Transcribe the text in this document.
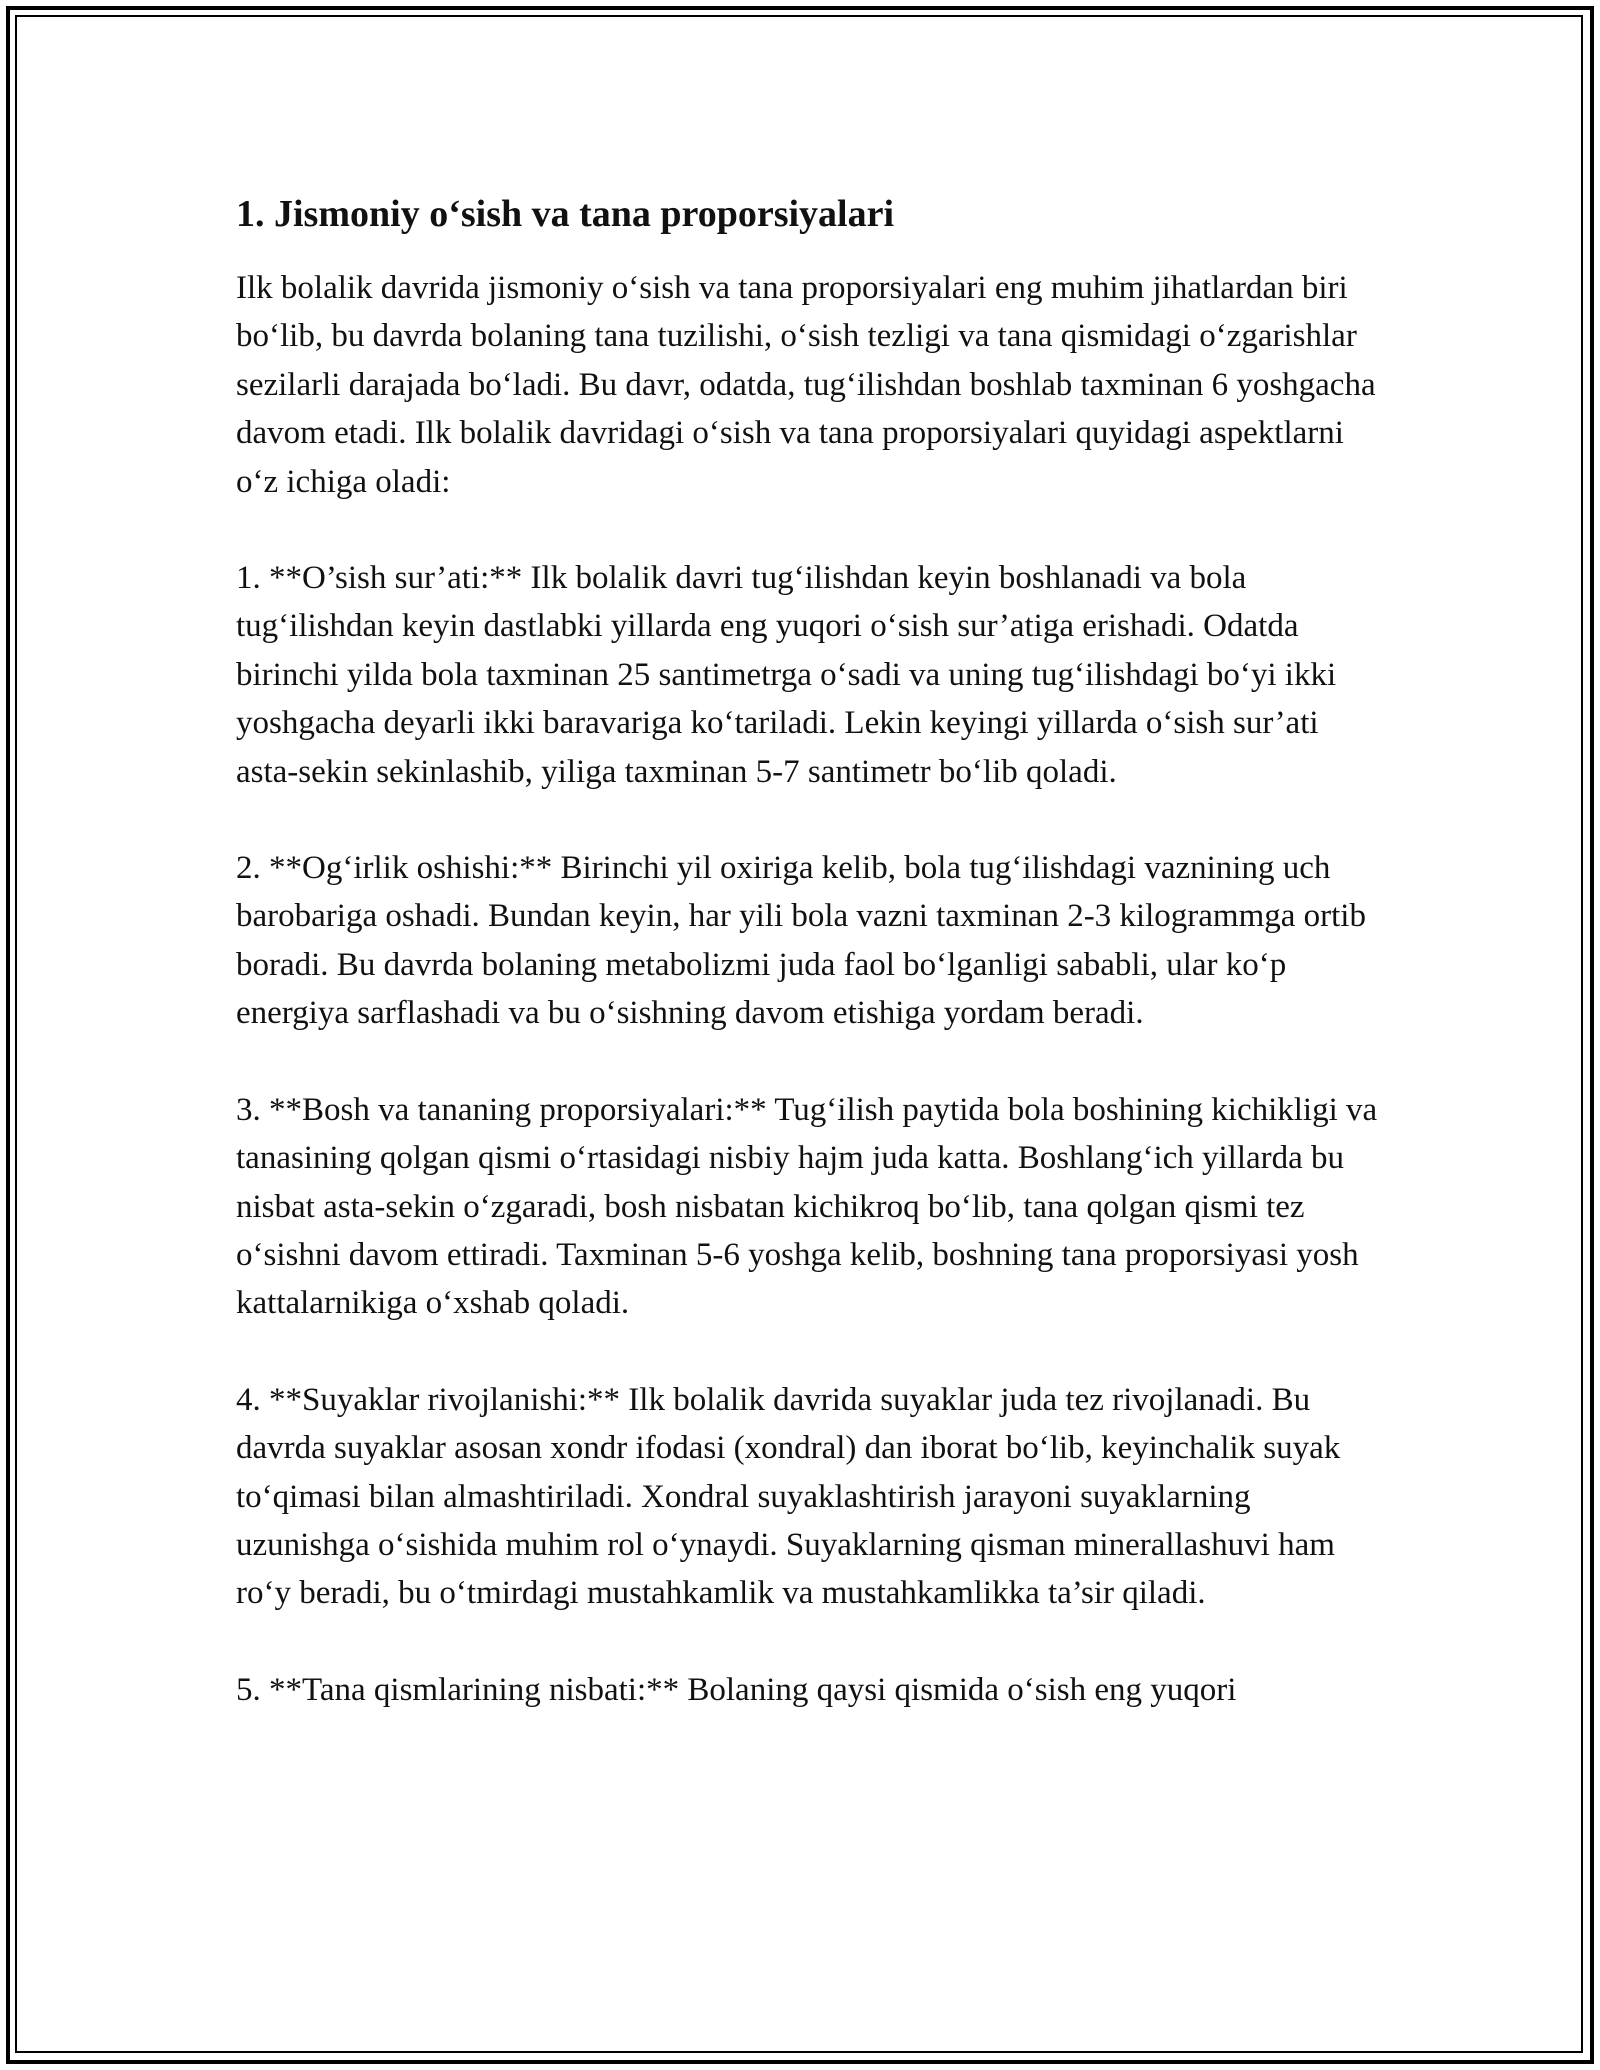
1. Jismoniy o‘sish va tana proporsiyalari

Ilk bolalik davrida jismoniy o‘sish va tana proporsiyalari eng muhim jihatlardan biri bo‘lib, bu davrda bolaning tana tuzilishi, o‘sish tezligi va tana qismidagi o‘zgarishlar sezilarli darajada bo‘ladi. Bu davr, odatda, tug‘ilishdan boshlab taxminan 6 yoshgacha davom etadi. Ilk bolalik davridagi o‘sish va tana proporsiyalari quyidagi aspektlarni o‘z ichiga oladi:

1. **O’sish sur’ati:** Ilk bolalik davri tug‘ilishdan keyin boshlanadi va bola tug‘ilishdan keyin dastlabki yillarda eng yuqori o‘sish sur’atiga erishadi. Odatda birinchi yilda bola taxminan 25 santimetrga o‘sadi va uning tug‘ilishdagi bo‘yi ikki yoshgacha deyarli ikki baravariga ko‘tariladi. Lekin keyingi yillarda o‘sish sur’ati asta-sekin sekinlashib, yiliga taxminan 5-7 santimetr bo‘lib qoladi.

2. **Og‘irlik oshishi:** Birinchi yil oxiriga kelib, bola tug‘ilishdagi vaznining uch barobariga oshadi. Bundan keyin, har yili bola vazni taxminan 2-3 kilogrammga ortib boradi. Bu davrda bolaning metabolizmi juda faol bo‘lganligi sababli, ular ko‘p energiya sarflashadi va bu o‘sishning davom etishiga yordam beradi.

3. **Bosh va tananing proporsiyalari:** Tug‘ilish paytida bola boshining kichikligi va tanasining qolgan qismi o‘rtasidagi nisbiy hajm juda katta. Boshlang‘ich yillarda bu nisbat asta-sekin o‘zgaradi, bosh nisbatan kichikroq bo‘lib, tana qolgan qismi tez o‘sishni davom ettiradi. Taxminan 5-6 yoshga kelib, boshning tana proporsiyasi yosh kattalarnikiga o‘xshab qoladi.

4. **Suyaklar rivojlanishi:** Ilk bolalik davrida suyaklar juda tez rivojlanadi. Bu davrda suyaklar asosan xondr ifodasi (xondral) dan iborat bo‘lib, keyinchalik suyak to‘qimasi bilan almashtiriladi. Xondral suyaklashtirish jarayoni suyaklarning uzunishga o‘sishida muhim rol o‘ynaydi. Suyaklarning qisman minerallashuvi ham ro‘y beradi, bu o‘tmirdagi mustahkamlik va mustahkamlikka ta’sir qiladi.

5. **Tana qismlarining nisbati:** Bolaning qaysi qismida o‘sish eng yuqori
